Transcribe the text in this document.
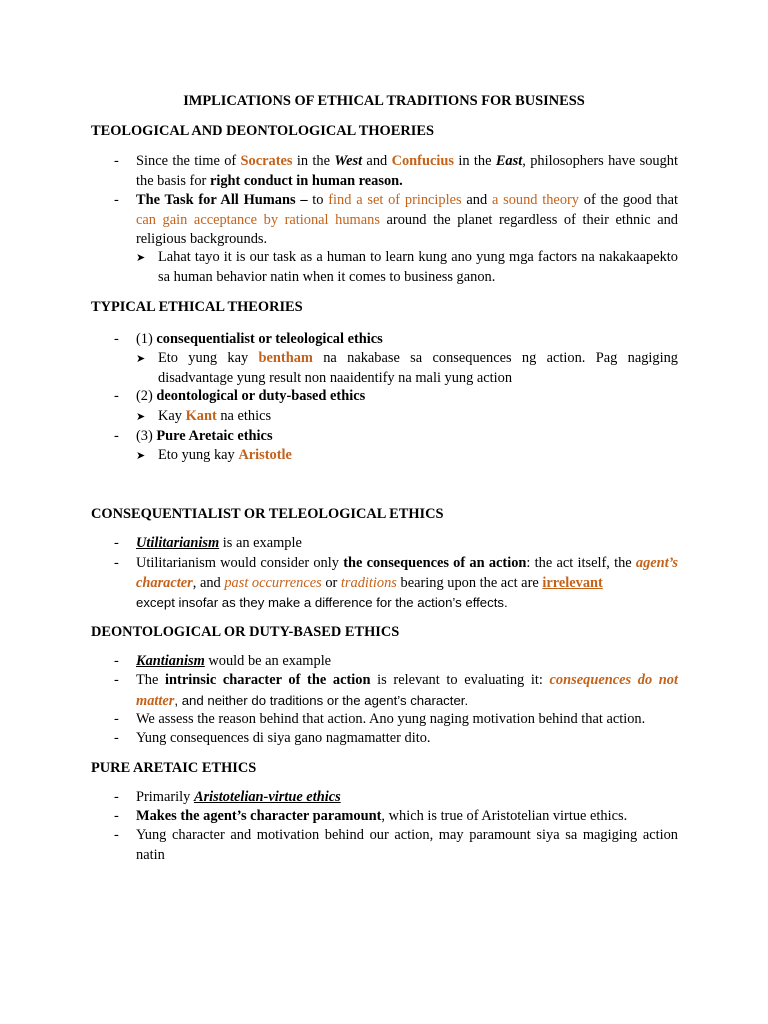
IMPLICATIONS OF ETHICAL TRADITIONS FOR BUSINESS
TEOLOGICAL AND DEONTOLOGICAL THOERIES
- Since the time of Socrates in the West and Confucius in the East, philosophers have sought the basis for right conduct in human reason.
- The Task for All Humans – to find a set of principles and a sound theory of the good that can gain acceptance by rational humans around the planet regardless of their ethnic and religious backgrounds.
➤ Lahat tayo it is our task as a human to learn kung ano yung mga factors na nakakaapekto sa human behavior natin when it comes to business ganon.
TYPICAL ETHICAL THEORIES
- (1) consequentialist or teleological ethics
➤ Eto yung kay bentham na nakabase sa consequences ng action. Pag nagiging disadvantage yung result non naaidentify na mali yung action
- (2) deontological or duty-based ethics
➤ Kay Kant na ethics
- (3) Pure Aretaic ethics
➤ Eto yung kay Aristotle
CONSEQUENTIALIST OR TELEOLOGICAL ETHICS
- Utilitarianism is an example
- Utilitarianism would consider only the consequences of an action: the act itself, the agent’s character, and past occurrences or traditions bearing upon the act are irrelevant
except insofar as they make a difference for the action’s effects.
DEONTOLOGICAL OR DUTY-BASED ETHICS
- Kantianism would be an example
- The intrinsic character of the action is relevant to evaluating it: consequences do not matter, and neither do traditions or the agent’s character.
- We assess the reason behind that action. Ano yung naging motivation behind that action.
- Yung consequences di siya gano nagmamatter dito.
PURE ARETAIC ETHICS
- Primarily Aristotelian-virtue ethics
- Makes the agent’s character paramount, which is true of Aristotelian virtue ethics.
- Yung character and motivation behind our action, may paramount siya sa magiging action natin
